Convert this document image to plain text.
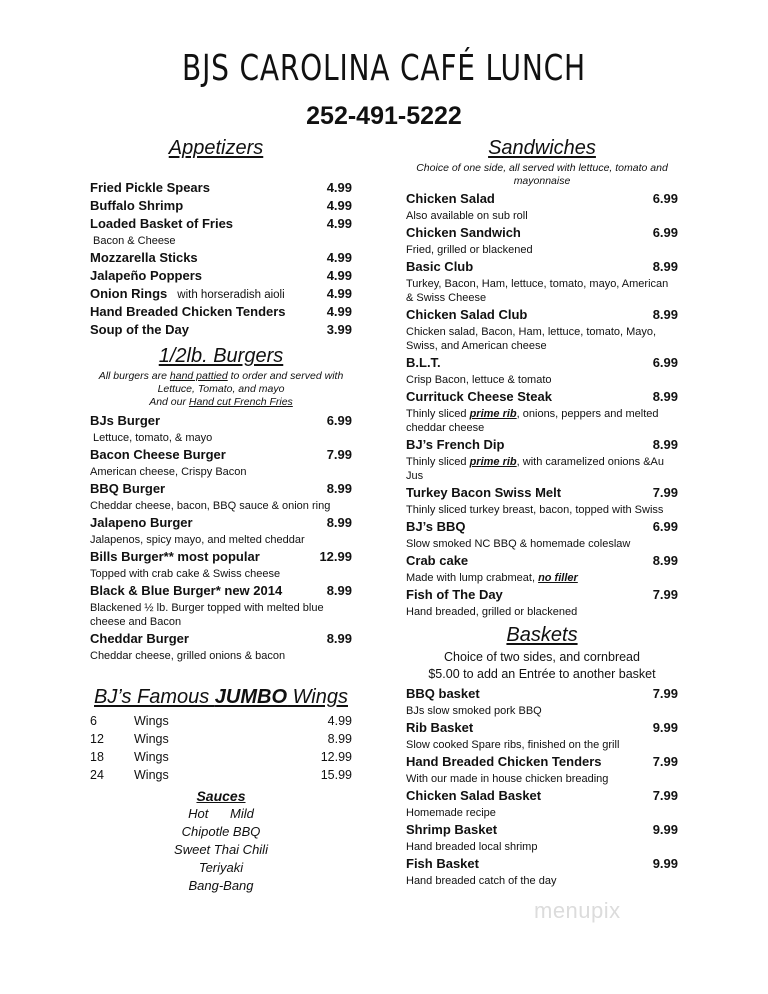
BJS CAROLINA CAFÉ LUNCH
252-491-5222
Appetizers
Fried Pickle Spears	4.99
Buffalo Shrimp	4.99
Loaded Basket of Fries	4.99
Bacon & Cheese
Mozzarella Sticks	4.99
Jalapeño Poppers	4.99
Onion Rings with horseradish aioli	4.99
Hand Breaded Chicken Tenders	4.99
Soup of the Day	3.99
1/2lb. Burgers
All burgers are hand pattied to order and served with
Lettuce, Tomato, and mayo
And our Hand cut French Fries
BJs Burger	6.99
Lettuce, tomato, & mayo
Bacon Cheese Burger	7.99
American cheese, Crispy Bacon
BBQ Burger	8.99
Cheddar cheese, bacon, BBQ sauce & onion ring
Jalapeno Burger	8.99
Jalapenos, spicy mayo, and melted cheddar
Bills Burger** most popular	12.99
Topped with crab cake & Swiss cheese
Black & Blue Burger* new 2014	8.99
Blackened ½ lb. Burger topped with melted blue cheese and Bacon
Cheddar Burger	8.99
Cheddar cheese, grilled onions & bacon
BJ’s Famous JUMBO Wings
6	Wings	4.99
12	Wings	8.99
18	Wings	12.99
24	Wings	15.99
Sauces
Hot      Mild
Chipotle BBQ
Sweet Thai Chili
Teriyaki
Bang-Bang
Sandwiches
Choice of one side, all served with lettuce, tomato and mayonnaise
Chicken Salad	6.99
Also available on sub roll
Chicken Sandwich	6.99
Fried, grilled or blackened
Basic Club	8.99
Turkey, Bacon, Ham, lettuce, tomato, mayo, American & Swiss Cheese
Chicken Salad Club	8.99
Chicken salad, Bacon, Ham, lettuce, tomato, Mayo, Swiss, and American cheese
B.L.T.	6.99
Crisp Bacon, lettuce & tomato
Currituck Cheese Steak	8.99
Thinly sliced prime rib, onions, peppers and melted cheddar cheese
BJ’s French Dip	8.99
Thinly sliced prime rib, with caramelized onions &Au Jus
Turkey Bacon Swiss Melt	7.99
Thinly sliced turkey breast, bacon, topped with Swiss
BJ’s BBQ	6.99
Slow smoked NC BBQ & homemade coleslaw
Crab cake	8.99
Made with lump crabmeat, no filler
Fish of The Day	7.99
Hand breaded, grilled or blackened
Baskets
Choice of two sides, and cornbread
$5.00 to add an Entrée to another basket
BBQ basket	7.99
BJs slow smoked pork BBQ
Rib Basket	9.99
Slow cooked Spare ribs, finished on the grill
Hand Breaded Chicken Tenders	7.99
With our made in house chicken breading
Chicken Salad Basket	7.99
Homemade recipe
Shrimp Basket	9.99
Hand breaded local shrimp
Fish Basket	9.99
Hand breaded catch of the day
menupix
